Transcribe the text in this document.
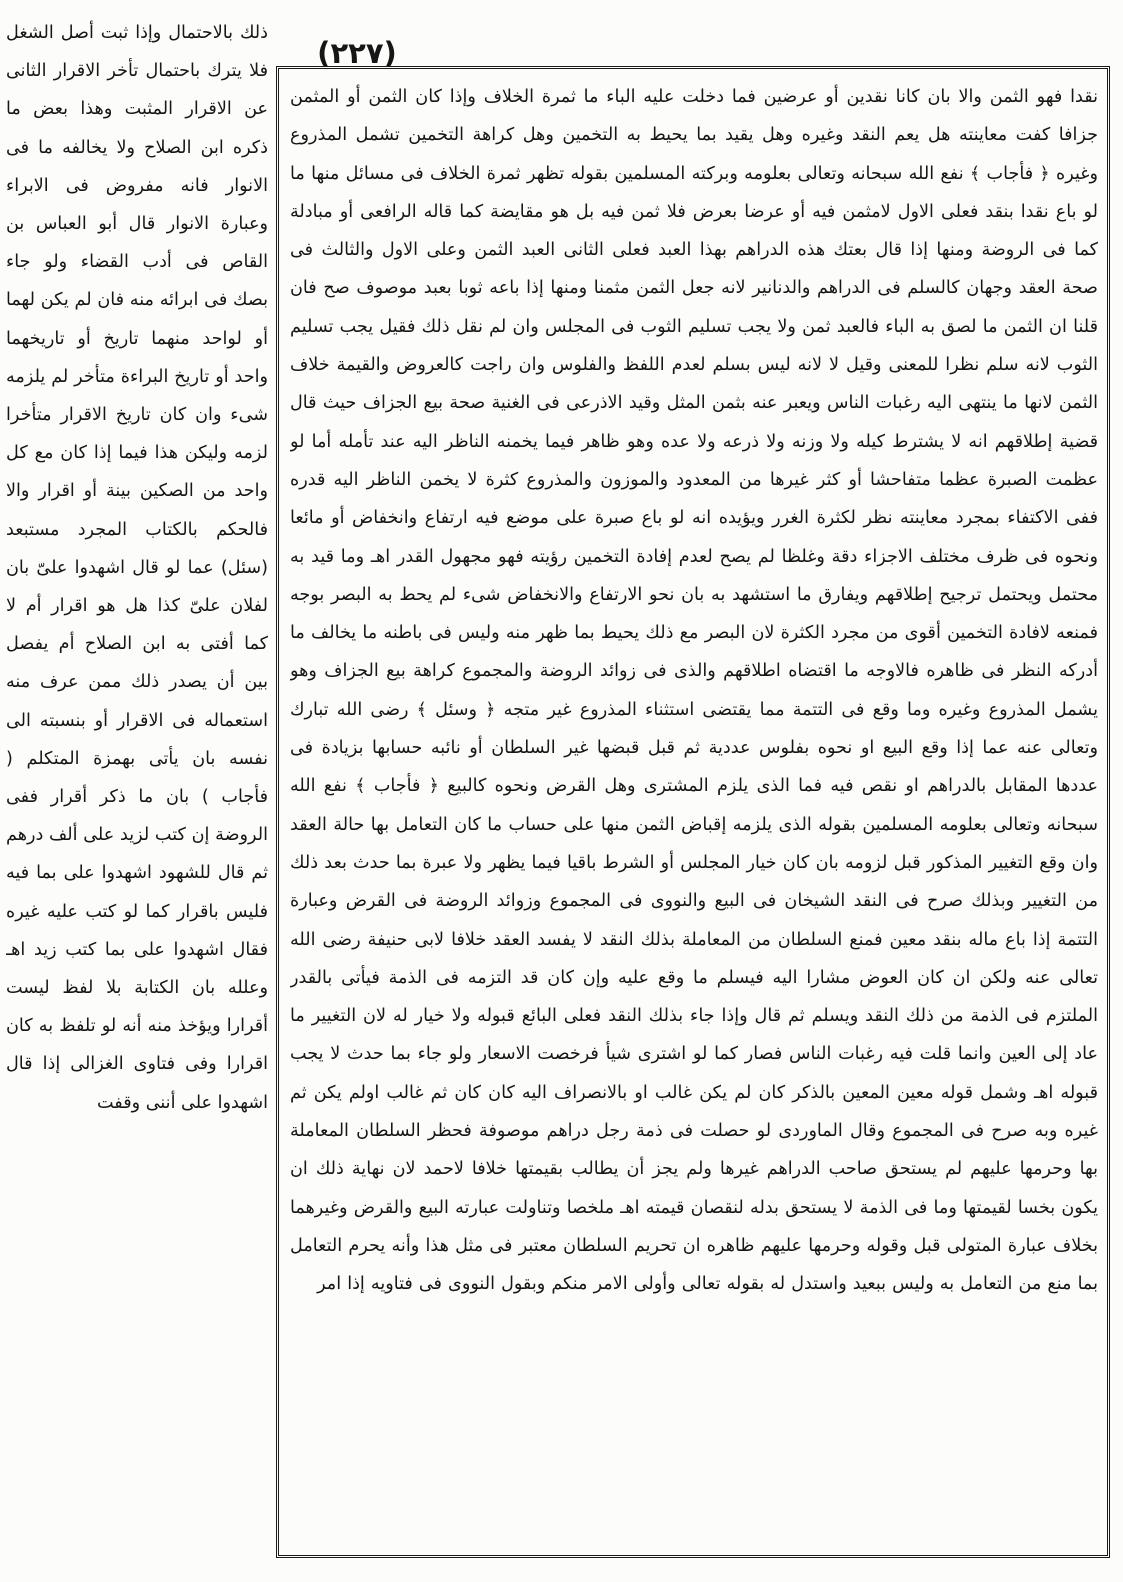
(٢٢٧)

نقدا فهو الثمن والا بان كانا نقدين أو عرضين فما دخلت عليه الباء ما ثمرة الخلاف وإذا كان الثمن أو المثمن جزافا كفت معاينته هل يعم النقد وغيره وهل يقيد بما يحيط به التخمين وهل كراهة التخمين تشمل المذروع وغيره ﴿ فأجاب ﴾ نفع الله سبحانه وتعالى بعلومه وبركته المسلمين بقوله تظهر ثمرة الخلاف فى مسائل منها ما لو باع نقدا بنقد فعلى الاول لامثمن فيه أو عرضا بعرض فلا ثمن فيه بل هو مقايضة كما قاله الرافعى أو مبادلة كما فى الروضة ومنها إذا قال بعتك هذه الدراهم بهذا العبد فعلى الثانى العبد الثمن وعلى الاول والثالث فى صحة العقد وجهان كالسلم فى الدراهم والدنانير لانه جعل الثمن مثمنا ومنها إذا باعه ثوبا بعبد موصوف صح فان قلنا ان الثمن ما لصق به الباء فالعبد ثمن ولا يجب تسليم الثوب فى المجلس وان لم نقل ذلك فقيل يجب تسليم الثوب لانه سلم نظرا للمعنى وقيل لا لانه ليس بسلم لعدم اللفظ والفلوس وان راجت كالعروض والقيمة خلاف الثمن لانها ما ينتهى اليه رغبات الناس ويعبر عنه بثمن المثل وقيد الاذرعى فى الغنية صحة بيع الجزاف حيث قال قضية إطلاقهم انه لا يشترط كيله ولا وزنه ولا ذرعه ولا عده وهو ظاهر فيما يخمنه الناظر اليه عند تأمله أما لو عظمت الصبرة عظما متفاحشا أو كثر غيرها من المعدود والموزون والمذروع كثرة لا يخمن الناظر اليه قدره ففى الاكتفاء بمجرد معاينته نظر لكثرة الغرر ويؤيده انه لو باع صبرة على موضع فيه ارتفاع وانخفاض أو مائعا ونحوه فى ظرف مختلف الاجزاء دقة وغلظا لم يصح لعدم إفادة التخمين رؤيته فهو مجهول القدر اهـ وما قيد به محتمل ويحتمل ترجيح إطلاقهم ويفارق ما استشهد به بان نحو الارتفاع والانخفاض شىء لم يحط به البصر بوجه فمنعه لافادة التخمين أقوى من مجرد الكثرة لان البصر مع ذلك يحيط بما ظهر منه وليس فى باطنه ما يخالف ما أدركه النظر فى ظاهره فالاوجه ما اقتضاه اطلاقهم والذى فى زوائد الروضة والمجموع كراهة بيع الجزاف وهو يشمل المذروع وغيره وما وقع فى التتمة مما يقتضى استثناء المذروع غير متجه ﴿ وسئل ﴾ رضى الله تبارك وتعالى عنه عما إذا وقع البيع او نحوه بفلوس عددية ثم قبل قبضها غير السلطان أو نائبه حسابها بزيادة فى عددها المقابل بالدراهم او نقص فيه فما الذى يلزم المشترى وهل القرض ونحوه كالبيع ﴿ فأجاب ﴾ نفع الله سبحانه وتعالى بعلومه المسلمين بقوله الذى يلزمه إقباض الثمن منها على حساب ما كان التعامل بها حالة العقد وان وقع التغيير المذكور قبل لزومه بان كان خيار المجلس أو الشرط باقيا فيما يظهر ولا عبرة بما حدث بعد ذلك من التغيير وبذلك صرح فى النقد الشيخان فى البيع والنووى فى المجموع وزوائد الروضة فى القرض وعبارة التتمة إذا باع ماله بنقد معين فمنع السلطان من المعاملة بذلك النقد لا يفسد العقد خلافا لابى حنيفة رضى الله تعالى عنه ولكن ان كان العوض مشارا اليه فيسلم ما وقع عليه وإن كان قد التزمه فى الذمة فيأتى بالقدر الملتزم فى الذمة من ذلك النقد ويسلم ثم قال وإذا جاء بذلك النقد فعلى البائع قبوله ولا خيار له لان التغيير ما عاد إلى العين وانما قلت فيه رغبات الناس فصار كما لو اشترى شيأ فرخصت الاسعار ولو جاء بما حدث لا يجب قبوله اهـ وشمل قوله معين المعين بالذكر كان لم يكن غالب او بالانصراف اليه كان كان ثم غالب اولم يكن ثم غيره وبه صرح فى المجموع وقال الماوردى لو حصلت فى ذمة رجل دراهم موصوفة فحظر السلطان المعاملة بها وحرمها عليهم لم يستحق صاحب الدراهم غيرها ولم يجز أن يطالب بقيمتها خلافا لاحمد لان نهاية ذلك ان يكون بخسا لقيمتها وما فى الذمة لا يستحق بدله لنقصان قيمته اهـ ملخصا وتناولت عبارته البيع والقرض وغيرهما بخلاف عبارة المتولى قبل وقوله وحرمها عليهم ظاهره ان تحريم السلطان معتبر فى مثل هذا وأنه يحرم التعامل بما منع من التعامل به وليس ببعيد واستدل له بقوله تعالى وأولى الامر منكم وبقول النووى فى فتاويه إذا امر

ذلك بالاحتمال وإذا ثبت أصل الشغل فلا يترك باحتمال تأخر الاقرار الثانى عن الاقرار المثبت وهذا بعض ما ذكره ابن الصلاح ولا يخالفه ما فى الانوار فانه مفروض فى الابراء وعبارة الانوار قال أبو العباس بن القاص فى أدب القضاء ولو جاء بصك فى ابرائه منه فان لم يكن لهما أو لواحد منهما تاريخ أو تاريخهما واحد أو تاريخ البراءة متأخر لم يلزمه شىء وان كان تاريخ الاقرار متأخرا لزمه وليكن هذا فيما إذا كان مع كل واحد من الصكين بينة أو اقرار والا فالحكم بالكتاب المجرد مستبعد (سئل) عما لو قال اشهدوا علىّ بان لفلان علىّ كذا هل هو اقرار أم لا كما أفتى به ابن الصلاح أم يفصل بين أن يصدر ذلك ممن عرف منه استعماله فى الاقرار أو بنسبته الى نفسه بان يأتى بهمزة المتكلم ( فأجاب ) بان ما ذكر أقرار ففى الروضة إن كتب لزيد على ألف درهم ثم قال للشهود اشهدوا على بما فيه فليس باقرار كما لو كتب عليه غيره فقال اشهدوا على بما كتب زيد اهـ وعلله بان الكتابة بلا لفظ ليست أقرارا ويؤخذ منه أنه لو تلفظ به كان اقرارا وفى فتاوى الغزالى إذا قال اشهدوا على أننى وقفت
